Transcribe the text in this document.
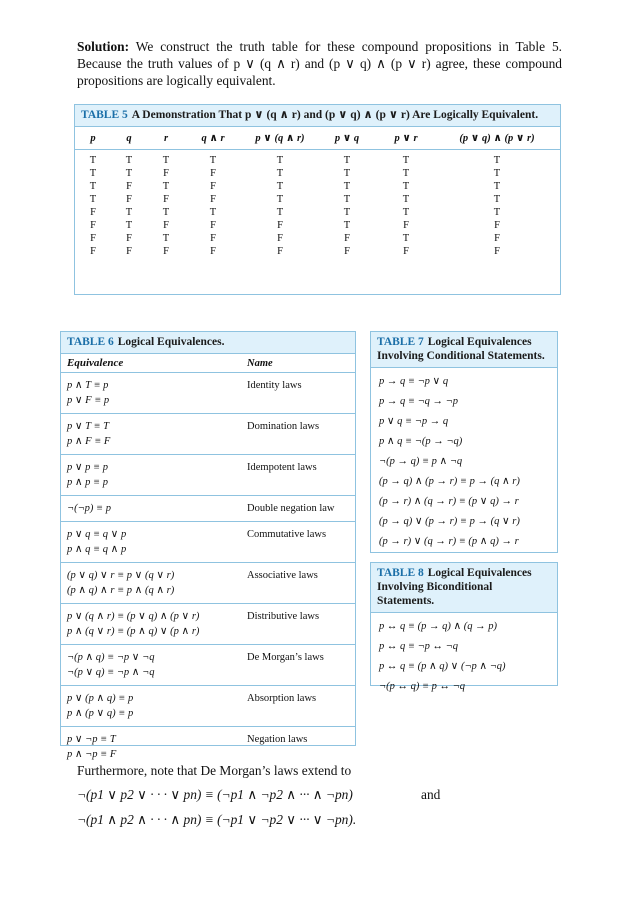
Solution: We construct the truth table for these compound propositions in Table 5. Because the truth values of p ∨ (q ∧ r) and (p ∨ q) ∧ (p ∨ r) agree, these compound propositions are logically equivalent.
TABLE 5 A Demonstration That p ∨ (q ∧ r) and (p ∨ q) ∧ (p ∨ r) Are Logically Equivalent.
p	q	r	q ∧ r	p ∨ (q ∧ r)	p ∨ q	p ∨ r	(p ∨ q) ∧ (p ∨ r)
T	T	T	T	T	T	T	T
T	T	F	F	T	T	T	T
T	F	T	F	T	T	T	T
T	F	F	F	T	T	T	T
F	T	T	T	T	T	T	T
F	T	F	F	F	T	F	F
F	F	T	F	F	F	T	F
F	F	F	F	F	F	F	F
TABLE 6 Logical Equivalences.
Equivalence	Name
p ∧ T ≡ p
p ∨ F ≡ p
Identity laws
p ∨ T ≡ T
p ∧ F ≡ F
Domination laws
p ∨ p ≡ p
p ∧ p ≡ p
Idempotent laws
¬(¬p) ≡ p	Double negation law
p ∨ q ≡ q ∨ p
p ∧ q ≡ q ∧ p
Commutative laws
(p ∨ q) ∨ r ≡ p ∨ (q ∨ r)
(p ∧ q) ∧ r ≡ p ∧ (q ∧ r)
Associative laws
p ∨ (q ∧ r) ≡ (p ∨ q) ∧ (p ∨ r)
p ∧ (q ∨ r) ≡ (p ∧ q) ∨ (p ∧ r)
Distributive laws
¬(p ∧ q) ≡ ¬p ∨ ¬q
¬(p ∨ q) ≡ ¬p ∧ ¬q
De Morgan’s laws
p ∨ (p ∧ q) ≡ p
p ∧ (p ∨ q) ≡ p
Absorption laws
p ∨ ¬p ≡ T
p ∧ ¬p ≡ F
Negation laws
TABLE 7 Logical Equivalences Involving Conditional Statements.
p → q ≡ ¬p ∨ q
p → q ≡ ¬q → ¬p
p ∨ q ≡ ¬p → q
p ∧ q ≡ ¬(p → ¬q)
¬(p → q) ≡ p ∧ ¬q
(p → q) ∧ (p → r) ≡ p → (q ∧ r)
(p → r) ∧ (q → r) ≡ (p ∨ q) → r
(p → q) ∨ (p → r) ≡ p → (q ∨ r)
(p → r) ∨ (q → r) ≡ (p ∧ q) → r
TABLE 8 Logical Equivalences Involving Biconditional Statements.
p ↔ q ≡ (p → q) ∧ (q → p)
p ↔ q ≡ ¬p ↔ ¬q
p ↔ q ≡ (p ∧ q) ∨ (¬p ∧ ¬q)
¬(p ↔ q) ≡ p ↔ ¬q
Furthermore, note that De Morgan’s laws extend to
¬(p1 ∨ p2 ∨ · · · ∨ pn) ≡ (¬p1 ∧ ¬p2 ∧ ··· ∧ ¬pn)	and
¬(p1 ∧ p2 ∧ · · · ∧ pn) ≡ (¬p1 ∨ ¬p2 ∨ ··· ∨ ¬pn).
